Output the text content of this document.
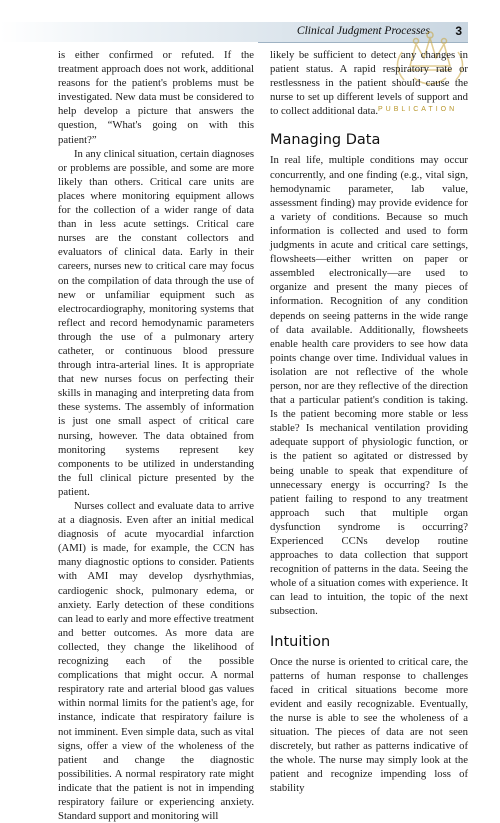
Clinical Judgment Processes 3
PUBLICATION

is either confirmed or refuted. If the treatment approach does not work, additional reasons for the patient's problems must be investigated. New data must be considered to help develop a picture that answers the question, “What's going on with this patient?”

In any clinical situation, certain diagnoses or problems are possible, and some are more likely than others. Critical care units are places where monitoring equipment allows for the collection of a wider range of data than in less acute settings. Critical care nurses are the constant collectors and evaluators of clinical data. Early in their careers, nurses new to critical care may focus on the compilation of data through the use of new or unfamiliar equipment such as electrocardiography, monitoring systems that reflect and record hemodynamic parameters through the use of a pulmonary artery catheter, or continuous blood pressure through intra-arterial lines. It is appropriate that new nurses focus on perfecting their skills in managing and interpreting data from these systems. The assembly of information is just one small aspect of critical care nursing, however. The data obtained from monitoring systems represent key components to be utilized in understanding the full clinical picture presented by the patient.

Nurses collect and evaluate data to arrive at a diagnosis. Even after an initial medical diagnosis of acute myocardial infarction (AMI) is made, for example, the CCN has many diagnostic options to consider. Patients with AMI may develop dysrhythmias, cardiogenic shock, pulmonary edema, or anxiety. Early detection of these conditions can lead to early and more effective treatment and better outcomes. As more data are collected, they change the likelihood of recognizing each of the possible complications that might occur. A normal respiratory rate and arterial blood gas values within normal limits for the patient's age, for instance, indicate that respiratory failure is not imminent. Even simple data, such as vital signs, offer a view of the wholeness of the patient and change the diagnostic possibilities. A normal respiratory rate might indicate that the patient is not in impending respiratory failure or experiencing anxiety. Standard support and monitoring will

likely be sufficient to detect any changes in patient status. A rapid respiratory rate or restlessness in the patient should cause the nurse to set up different levels of support and to collect additional data.

Managing Data

In real life, multiple conditions may occur concurrently, and one finding (e.g., vital sign, hemodynamic parameter, lab value, assessment finding) may provide evidence for a variety of conditions. Because so much information is collected and used to form judgments in acute and critical care settings, flowsheets—either written on paper or assembled electronically—are used to organize and present the many pieces of information. Recognition of any condition depends on seeing patterns in the wide range of data available. Additionally, flowsheets enable health care providers to see how data points change over time. Individual values in isolation are not reflective of the whole person, nor are they reflective of the direction that a particular patient's condition is taking. Is the patient becoming more stable or less stable? Is mechanical ventilation providing adequate support of physiologic function, or is the patient so agitated or distressed by being unable to speak that expenditure of unnecessary energy is occurring? Is the patient failing to respond to any treatment approach such that multiple organ dysfunction syndrome is occurring? Experienced CCNs develop routine approaches to data collection that support recognition of patterns in the data. Seeing the whole of a situation comes with experience. It can lead to intuition, the topic of the next subsection.

Intuition

Once the nurse is oriented to critical care, the patterns of human response to challenges faced in critical situations become more evident and easily recognizable. Eventually, the nurse is able to see the wholeness of a situation. The pieces of data are not seen discretely, but rather as patterns indicative of the whole. The nurse may simply look at the patient and recognize impending loss of stability
